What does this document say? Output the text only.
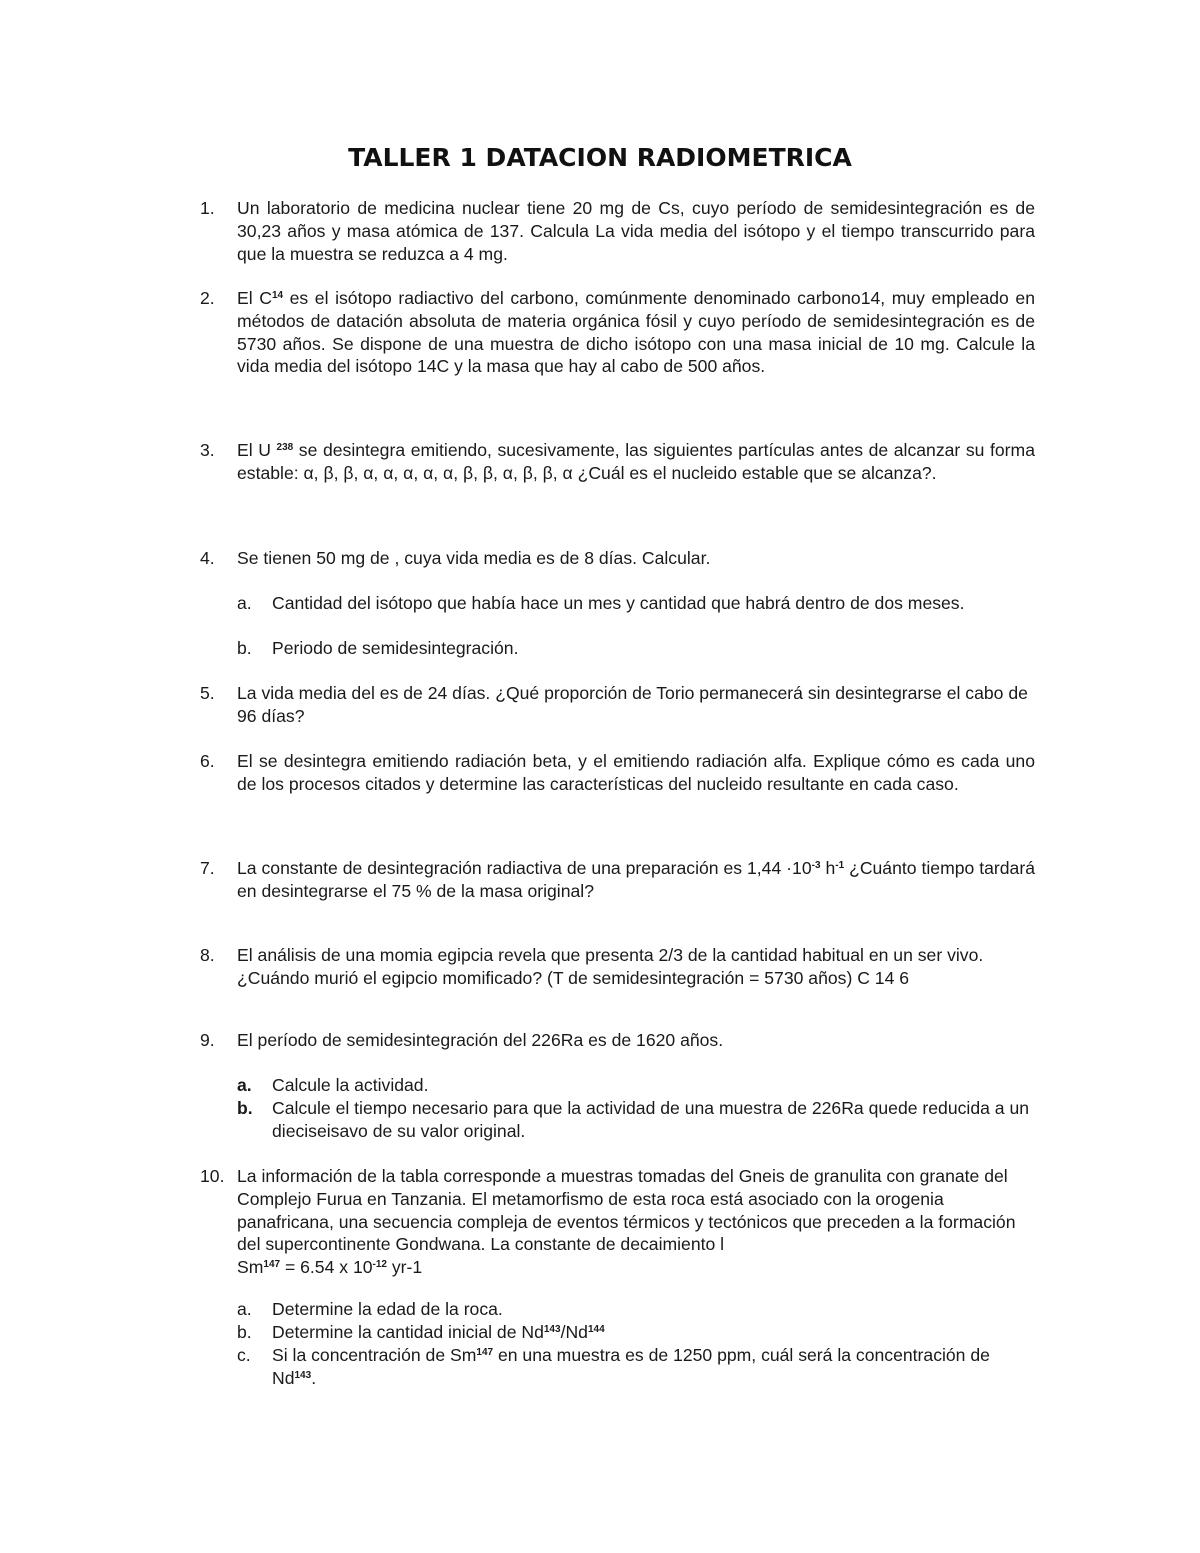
TALLER 1 DATACION RADIOMETRICA
1. Un laboratorio de medicina nuclear tiene 20 mg de Cs, cuyo período de semidesintegración es de 30,23 años y masa atómica de 137. Calcula La vida media del isótopo y el tiempo transcurrido para que la muestra se reduzca a 4 mg.
2. El $C^{14}$ es el isótopo radiactivo del carbono, comúnmente denominado carbono14, muy empleado en métodos de datación absoluta de materia orgánica fósil y cuyo período de semidesintegración es de 5730 años. Se dispone de una muestra de dicho isótopo con una masa inicial de 10 mg. Calcule la vida media del isótopo 14C y la masa que hay al cabo de 500 años.
3. El U $^{238}$ se desintegra emitiendo, sucesivamente, las siguientes partículas antes de alcanzar su forma estable: α, β, β, α, α, α, α, α, β, β, α, β, β, α ¿Cuál es el nucleido estable que se alcanza?.
4. Se tienen 50 mg de , cuya vida media es de 8 días. Calcular.
a. Cantidad del isótopo que había hace un mes y cantidad que habrá dentro de dos meses.
b. Periodo de semidesintegración.
5. La vida media del es de 24 días. ¿Qué proporción de Torio permanecerá sin desintegrarse el cabo de 96 días?
6. El se desintegra emitiendo radiación beta, y el emitiendo radiación alfa. Explique cómo es cada uno de los procesos citados y determine las características del nucleido resultante en cada caso.
7. La constante de desintegración radiactiva de una preparación es $1,44 \cdot 10^{-3}$ $h^{-1}$ ¿Cuánto tiempo tardará en desintegrarse el 75 % de la masa original?
8. El análisis de una momia egipcia revela que presenta 2/3 de la cantidad habitual en un ser vivo. ¿Cuándo murió el egipcio momificado? (T de semidesintegración = 5730 años) C 14 6
9. El período de semidesintegración del 226Ra es de 1620 años.
a. Calcule la actividad.
b. Calcule el tiempo necesario para que la actividad de una muestra de 226Ra quede reducida a un dieciseisavo de su valor original.
10. La información de la tabla corresponde a muestras tomadas del Gneis de granulita con granate del Complejo Furua en Tanzania. El metamorfismo de esta roca está asociado con la orogenia panafricana, una secuencia compleja de eventos térmicos y tectónicos que preceden a la formación del supercontinente Gondwana. La constante de decaimiento l
$Sm^{147} = 6.54$ x $10^{-12}$ yr-1
a. Determine la edad de la roca.
b. Determine la cantidad inicial de Nd$^{143}$/Nd$^{144}$
c. Si la concentración de Sm$^{147}$ en una muestra es de 1250 ppm, cuál será la concentración de Nd$^{143}$.
